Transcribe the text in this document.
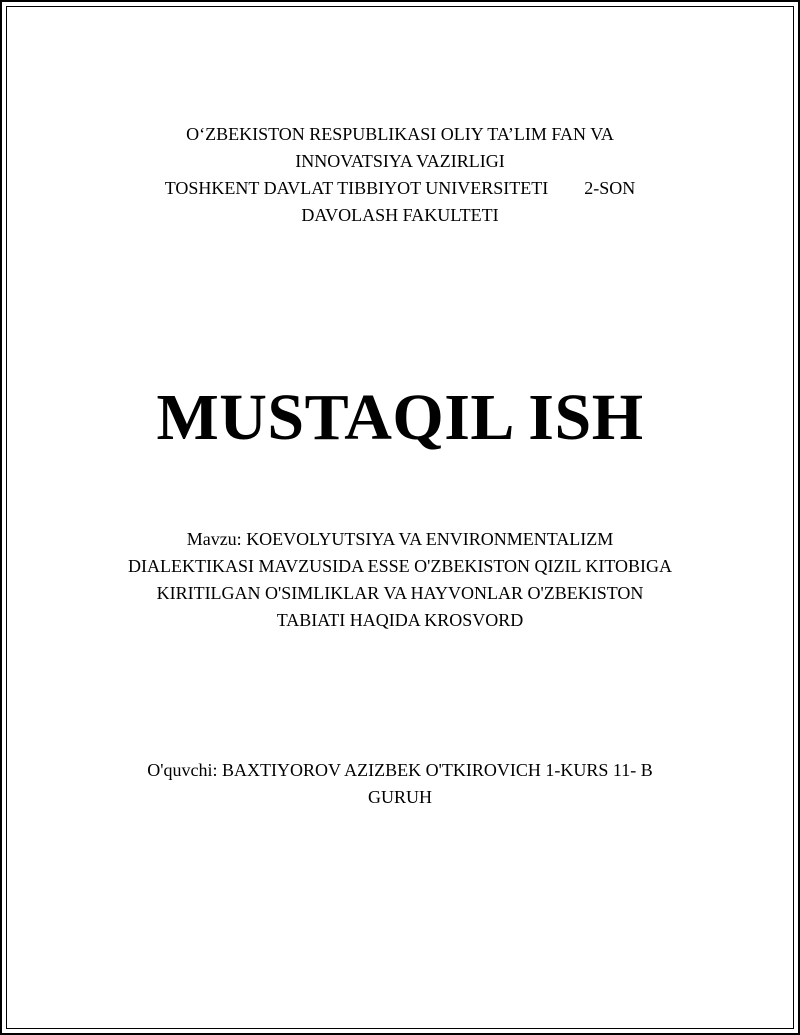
O‘ZBEKISTON RESPUBLIKASI OLIY TA’LIM FAN VA
INNOVATSIYA VAZIRLIGI
TOSHKENT DAVLAT TIBBIYOT UNIVERSITETI        2-SON
DAVOLASH FAKULTETI
MUSTAQIL ISH
Mavzu: KOEVOLYUTSIYA VA ENVIRONMENTALIZM
DIALEKTIKASI MAVZUSIDA ESSE O'ZBEKISTON QIZIL KITOBIGA
KIRITILGAN O'SIMLIKLAR VA HAYVONLAR O'ZBEKISTON
TABIATI HAQIDA KROSVORD
O'quvchi: BAXTIYOROV AZIZBEK O'TKIROVICH 1-KURS 11- B
GURUH
